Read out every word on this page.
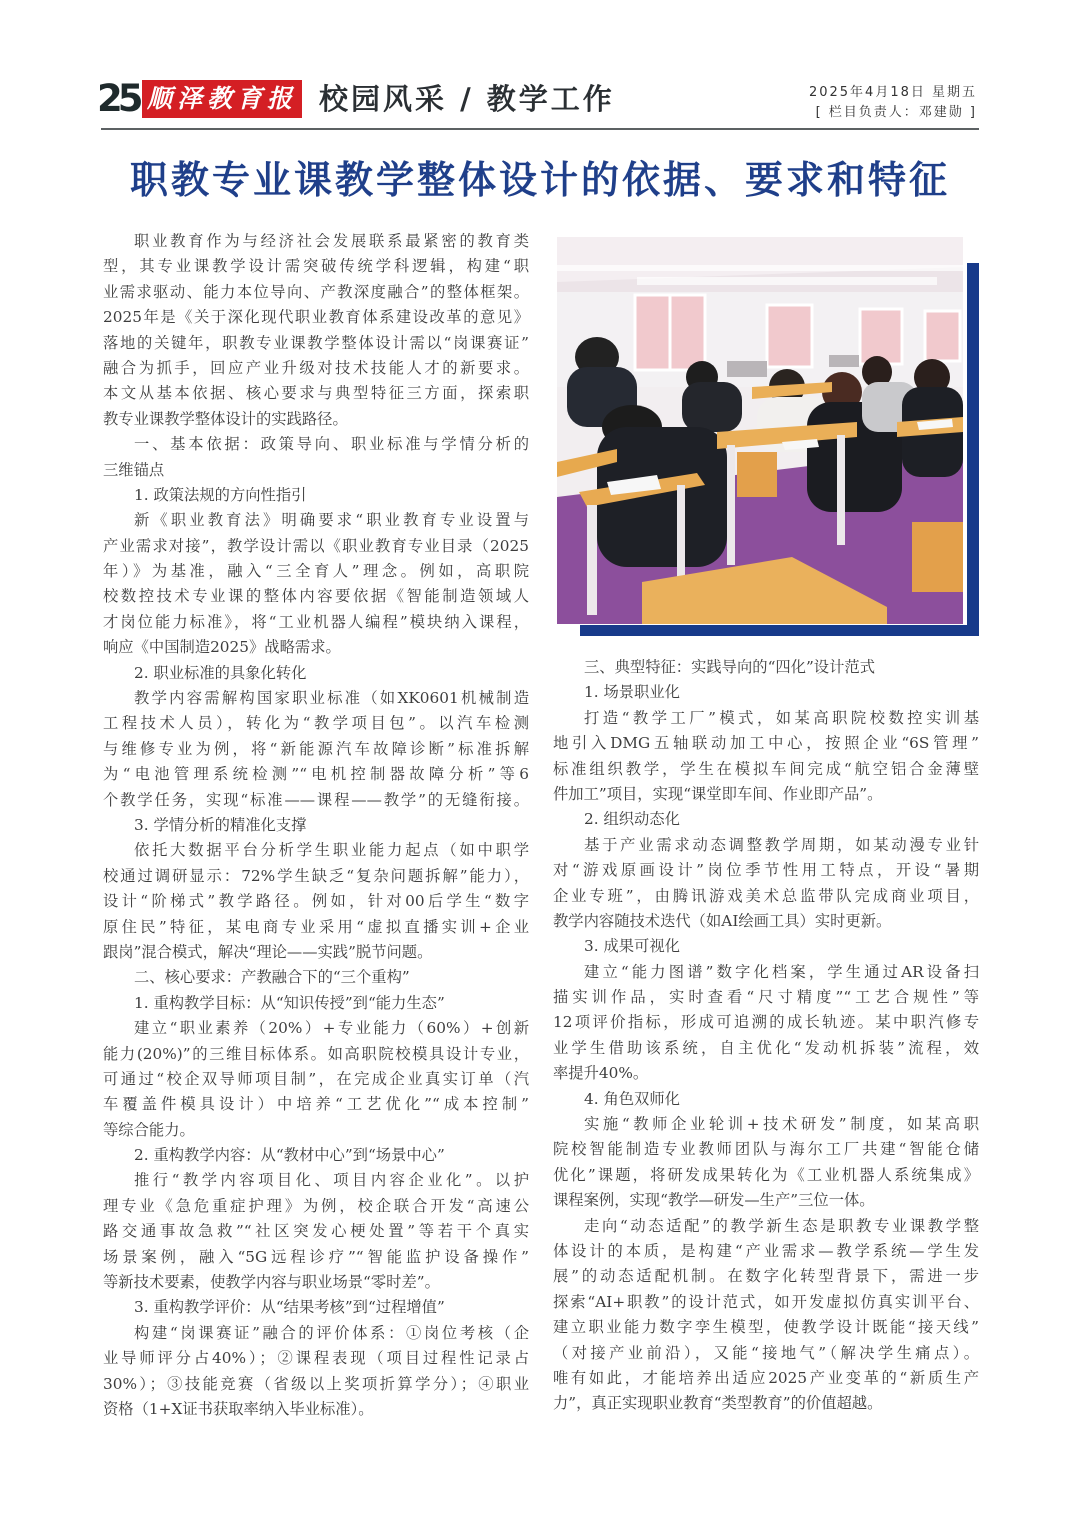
25 顺泽教育报 校园风采 / 教学工作	2025年4月18日 星期五
[ 栏目负责人：邓建勋 ]
职教专业课教学整体设计的依据、要求和特征
职业教育作为与经济社会发展联系最紧密的教育类
型，其专业课教学设计需突破传统学科逻辑，构建“职
业需求驱动、能力本位导向、产教深度融合”的整体框架。
2025年是《关于深化现代职业教育体系建设改革的意见》
落地的关键年，职教专业课教学整体设计需以“岗课赛证”
融合为抓手，回应产业升级对技术技能人才的新要求。
本文从基本依据、核心要求与典型特征三方面，探索职
教专业课教学整体设计的实践路径。
一、基本依据：政策导向、职业标准与学情分析的
三维锚点
1. 政策法规的方向性指引
新《职业教育法》明确要求“职业教育专业设置与
产业需求对接”，教学设计需以《职业教育专业目录（2025
年）》为基准，融入“三全育人”理念。例如，高职院
校数控技术专业课的整体内容要依据《智能制造领域人
才岗位能力标准》，将“工业机器人编程”模块纳入课程，
响应《中国制造2025》战略需求。
2. 职业标准的具象化转化
教学内容需解构国家职业标准（如XK0601机械制造
工程技术人员），转化为“教学项目包”。以汽车检测
与维修专业为例，将“新能源汽车故障诊断”标准拆解
为“电池管理系统检测”“电机控制器故障分析”等6
个教学任务，实现“标准——课程——教学”的无缝衔接。
3. 学情分析的精准化支撑
依托大数据平台分析学生职业能力起点（如中职学
校通过调研显示：72%学生缺乏“复杂问题拆解”能力），
设计“阶梯式”教学路径。例如，针对00后学生“数字
原住民”特征，某电商专业采用“虚拟直播实训+企业
跟岗”混合模式，解决“理论——实践”脱节问题。
二、核心要求：产教融合下的“三个重构”
1. 重构教学目标：从“知识传授”到“能力生态”
建立“职业素养（20%）+专业能力（60%）+创新
能力(20%)”的三维目标体系。如高职院校模具设计专业，
可通过“校企双导师项目制”，在完成企业真实订单（汽
车覆盖件模具设计）中培养“工艺优化”“成本控制”
等综合能力。
2. 重构教学内容：从“教材中心”到“场景中心”
推行“教学内容项目化、项目内容企业化”。以护
理专业《急危重症护理》为例，校企联合开发“高速公
路交通事故急救”“社区突发心梗处置”等若干个真实
场景案例，融入“5G远程诊疗”“智能监护设备操作”
等新技术要素，使教学内容与职业场景“零时差”。
3. 重构教学评价：从“结果考核”到“过程增值”
构建“岗课赛证”融合的评价体系：①岗位考核（企
业导师评分占40%）；②课程表现（项目过程性记录占
30%）；③技能竞赛（省级以上奖项折算学分）；④职业
资格（1+X证书获取率纳入毕业标准）。
三、典型特征：实践导向的“四化”设计范式
1. 场景职业化
打造“教学工厂”模式，如某高职院校数控实训基
地引入DMG五轴联动加工中心，按照企业“6S管理”
标准组织教学，学生在模拟车间完成“航空铝合金薄壁
件加工”项目，实现“课堂即车间、作业即产品”。
2. 组织动态化
基于产业需求动态调整教学周期，如某动漫专业针
对“游戏原画设计”岗位季节性用工特点，开设“暑期
企业专班”，由腾讯游戏美术总监带队完成商业项目，
教学内容随技术迭代（如AI绘画工具）实时更新。
3. 成果可视化
建立“能力图谱”数字化档案，学生通过AR设备扫
描实训作品，实时查看“尺寸精度”“工艺合规性”等
12项评价指标，形成可追溯的成长轨迹。某中职汽修专
业学生借助该系统，自主优化“发动机拆装”流程，效
率提升40%。
4. 角色双师化
实施“教师企业轮训+技术研发”制度，如某高职
院校智能制造专业教师团队与海尔工厂共建“智能仓储
优化”课题，将研发成果转化为《工业机器人系统集成》
课程案例，实现“教学—研发—生产”三位一体。
走向“动态适配”的教学新生态是职教专业课教学整
体设计的本质，是构建“产业需求—教学系统—学生发
展”的动态适配机制。在数字化转型背景下，需进一步
探索“AI+职教”的设计范式，如开发虚拟仿真实训平台、
建立职业能力数字孪生模型，使教学设计既能“接天线”
（对接产业前沿），又能“接地气”（解决学生痛点）。
唯有如此，才能培养出适应2025产业变革的“新质生产
力”，真正实现职业教育“类型教育”的价值超越。
